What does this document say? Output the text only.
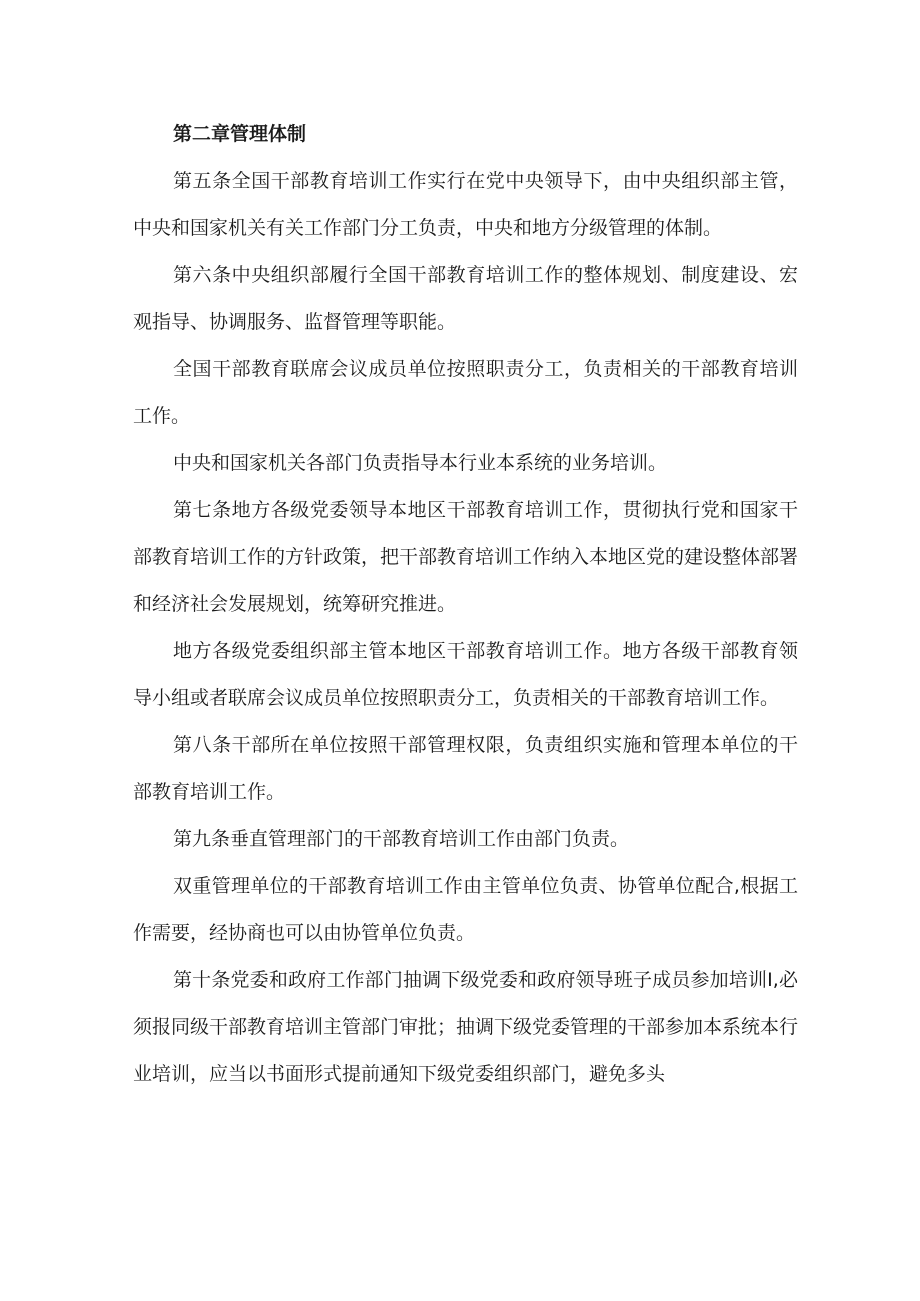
第二章管理体制

第五条全国干部教育培训工作实行在党中央领导下，由中央组织部主管，中央和国家机关有关工作部门分工负责，中央和地方分级管理的体制。

第六条中央组织部履行全国干部教育培训工作的整体规划、制度建设、宏观指导、协调服务、监督管理等职能。

全国干部教育联席会议成员单位按照职责分工，负责相关的干部教育培训工作。

中央和国家机关各部门负责指导本行业本系统的业务培训。

第七条地方各级党委领导本地区干部教育培训工作，贯彻执行党和国家干部教育培训工作的方针政策，把干部教育培训工作纳入本地区党的建设整体部署和经济社会发展规划，统筹研究推进。

地方各级党委组织部主管本地区干部教育培训工作。地方各级干部教育领导小组或者联席会议成员单位按照职责分工，负责相关的干部教育培训工作。

第八条干部所在单位按照干部管理权限，负责组织实施和管理本单位的干部教育培训工作。

第九条垂直管理部门的干部教育培训工作由部门负责。

双重管理单位的干部教育培训工作由主管单位负责、协管单位配合,根据工作需要，经协商也可以由协管单位负责。

第十条党委和政府工作部门抽调下级党委和政府领导班子成员参加培训I,必须报同级干部教育培训主管部门审批；抽调下级党委管理的干部参加本系统本行业培训，应当以书面形式提前通知下级党委组织部门，避免多头
